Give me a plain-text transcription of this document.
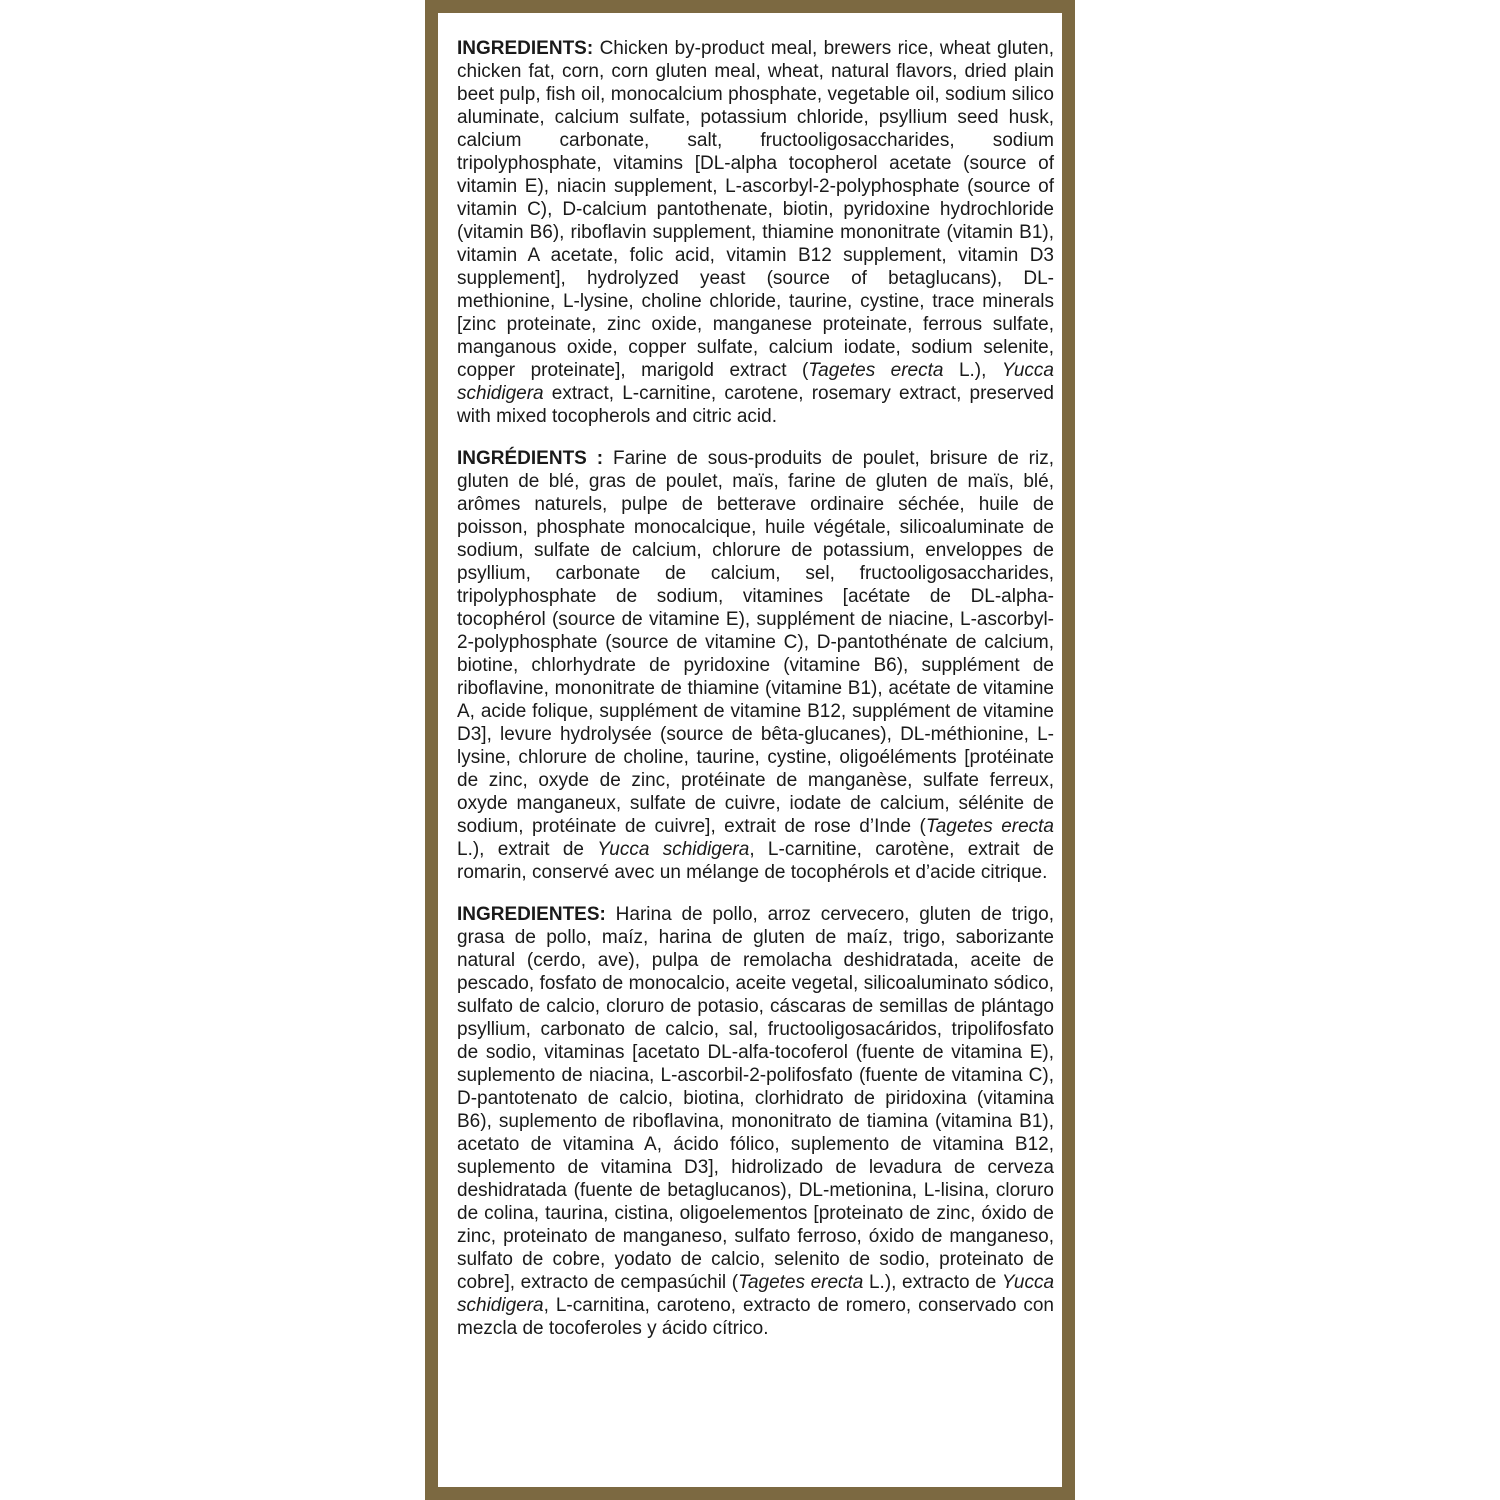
INGREDIENTS: Chicken by-product meal, brewers rice, wheat gluten, chicken fat, corn, corn gluten meal, wheat, natural flavors, dried plain beet pulp, fish oil, monocalcium phosphate, vegetable oil, sodium silico aluminate, calcium sulfate, potassium chloride, psyllium seed husk, calcium carbonate, salt, fructooligosaccharides, sodium tripolyphosphate, vitamins [DL-alpha tocopherol acetate (source of vitamin E), niacin supplement, L-ascorbyl-2-polyphosphate (source of vitamin C), D-calcium pantothenate, biotin, pyridoxine hydrochloride (vitamin B6), riboflavin supplement, thiamine mononitrate (vitamin B1), vitamin A acetate, folic acid, vitamin B12 supplement, vitamin D3 supplement], hydrolyzed yeast (source of betaglucans), DL-methionine, L-lysine, choline chloride, taurine, cystine, trace minerals [zinc proteinate, zinc oxide, manganese proteinate, ferrous sulfate, manganous oxide, copper sulfate, calcium iodate, sodium selenite, copper proteinate], marigold extract (Tagetes erecta L.), Yucca schidigera extract, L-carnitine, carotene, rosemary extract, preserved with mixed tocopherols and citric acid.

INGRÉDIENTS : Farine de sous-produits de poulet, brisure de riz, gluten de blé, gras de poulet, maïs, farine de gluten de maïs, blé, arômes naturels, pulpe de betterave ordinaire séchée, huile de poisson, phosphate monocalcique, huile végétale, silicoaluminate de sodium, sulfate de calcium, chlorure de potassium, enveloppes de psyllium, carbonate de calcium, sel, fructooligosaccharides, tripolyphosphate de sodium, vitamines [acétate de DL-alpha-tocophérol (source de vitamine E), supplément de niacine, L-ascorbyl-2-polyphosphate (source de vitamine C), D-pantothénate de calcium, biotine, chlorhydrate de pyridoxine (vitamine B6), supplément de riboflavine, mononitrate de thiamine (vitamine B1), acétate de vitamine A, acide folique, supplément de vitamine B12, supplément de vitamine D3], levure hydrolysée (source de bêta-glucanes), DL-méthionine, L-lysine, chlorure de choline, taurine, cystine, oligoéléments [protéinate de zinc, oxyde de zinc, protéinate de manganèse, sulfate ferreux, oxyde manganeux, sulfate de cuivre, iodate de calcium, sélénite de sodium, protéinate de cuivre], extrait de rose d’Inde (Tagetes erecta L.), extrait de Yucca schidigera, L-carnitine, carotène, extrait de romarin, conservé avec un mélange de tocophérols et d’acide citrique.

INGREDIENTES: Harina de pollo, arroz cervecero, gluten de trigo, grasa de pollo, maíz, harina de gluten de maíz, trigo, saborizante natural (cerdo, ave), pulpa de remolacha deshidratada, aceite de pescado, fosfato de monocalcio, aceite vegetal, silicoaluminato sódico, sulfato de calcio, cloruro de potasio, cáscaras de semillas de plántago psyllium, carbonato de calcio, sal, fructooligosacáridos, tripolifosfato de sodio, vitaminas [acetato DL-alfa-tocoferol (fuente de vitamina E), suplemento de niacina, L-ascorbil-2-polifosfato (fuente de vitamina C), D-pantotenato de calcio, biotina, clorhidrato de piridoxina (vitamina B6), suplemento de riboflavina, mononitrato de tiamina (vitamina B1), acetato de vitamina A, ácido fólico, suplemento de vitamina B12, suplemento de vitamina D3], hidrolizado de levadura de cerveza deshidratada (fuente de betaglucanos), DL-metionina, L-lisina, cloruro de colina, taurina, cistina, oligoelementos [proteinato de zinc, óxido de zinc, proteinato de manganeso, sulfato ferroso, óxido de manganeso, sulfato de cobre, yodato de calcio, selenito de sodio, proteinato de cobre], extracto de cempasúchil (Tagetes erecta L.), extracto de Yucca schidigera, L-carnitina, caroteno, extracto de romero, conservado con mezcla de tocoferoles y ácido cítrico.
